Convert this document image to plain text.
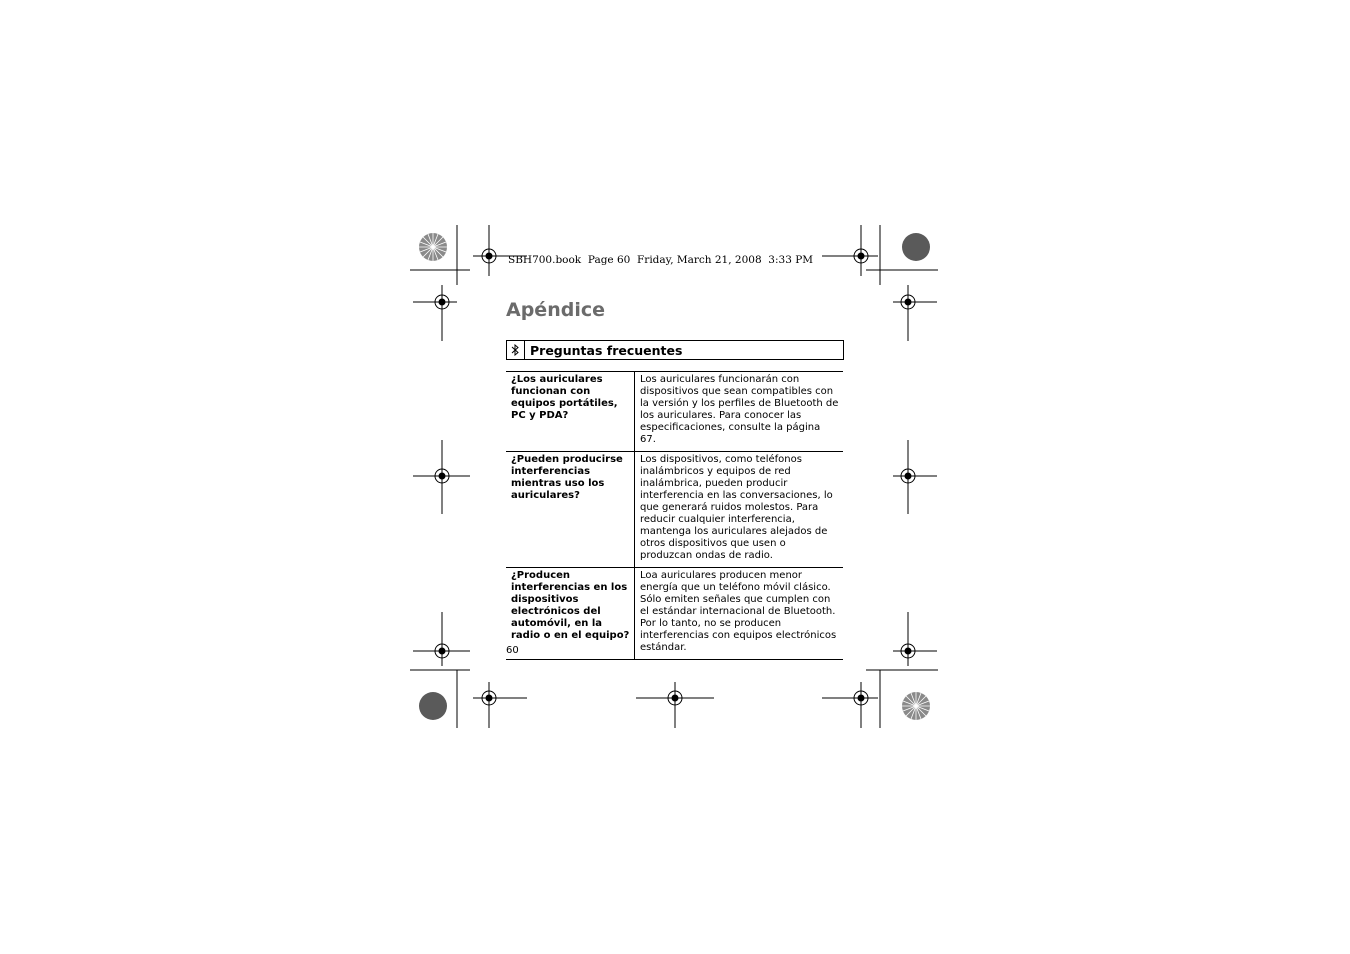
SBH700.book  Page 60  Friday, March 21, 2008  3:33 PM
Apéndice
Preguntas frecuentes
¿Los auriculares funcionan con equipos portátiles, PC y PDA?	Los auriculares funcionarán con dispositivos que sean compatibles con la versión y los perfiles de Bluetooth de los auriculares. Para conocer las especificaciones, consulte la página 67.
¿Pueden producirse interferencias mientras uso los auriculares?	Los dispositivos, como teléfonos inalámbricos y equipos de red inalámbrica, pueden producir interferencia en las conversaciones, lo que generará ruidos molestos. Para reducir cualquier interferencia, mantenga los auriculares alejados de otros dispositivos que usen o produzcan ondas de radio.
¿Producen interferencias en los dispositivos electrónicos del automóvil, en la radio o en el equipo?	Loa auriculares producen menor energía que un teléfono móvil clásico. Sólo emiten señales que cumplen con el estándar internacional de Bluetooth. Por lo tanto, no se producen interferencias con equipos electrónicos estándar.
60
